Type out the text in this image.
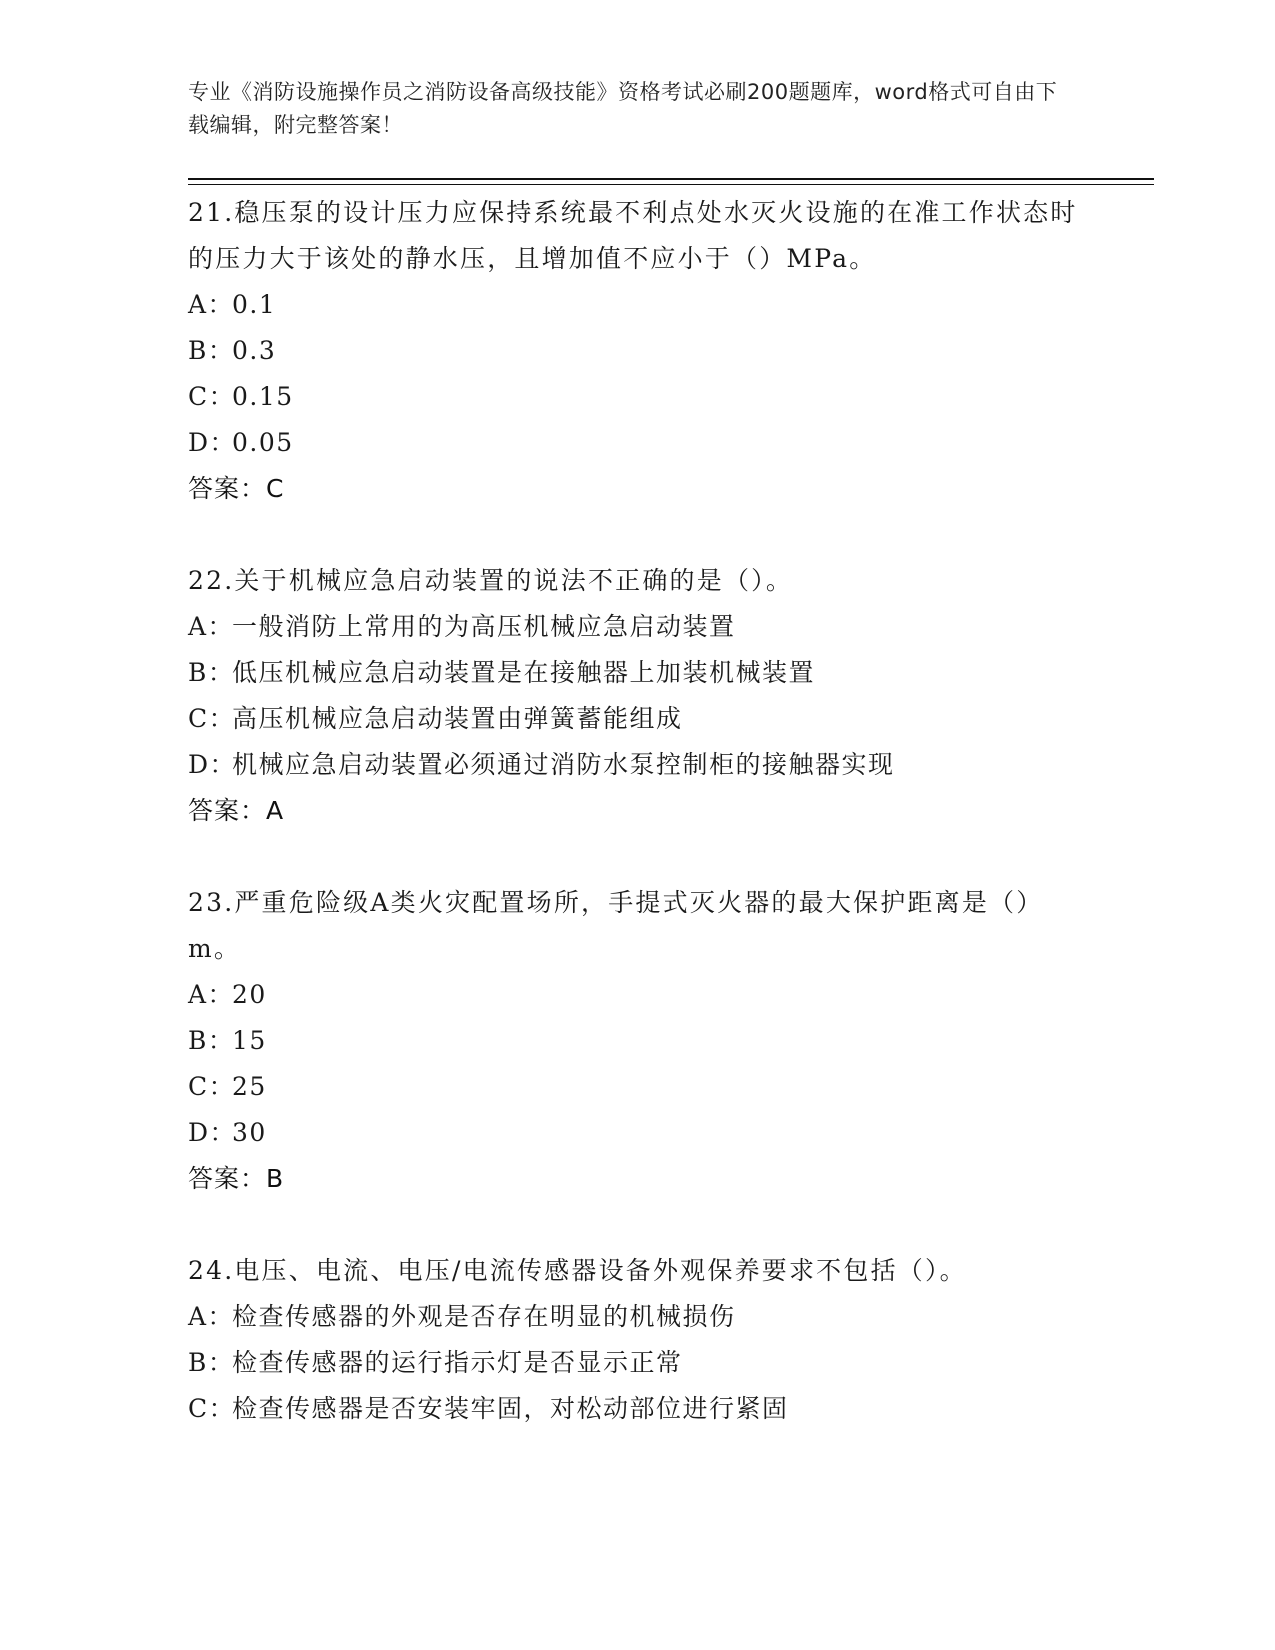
专业《消防设施操作员之消防设备高级技能》资格考试必刷200题题库，word格式可自由下载编辑，附完整答案！

21.稳压泵的设计压力应保持系统最不利点处水灭火设施的在准工作状态时的压力大于该处的静水压，且增加值不应小于（）MPa。

A：0.1
B：0.3
C：0.15
D：0.05
答案：C

22.关于机械应急启动装置的说法不正确的是（）。

A：一般消防上常用的为高压机械应急启动装置
B：低压机械应急启动装置是在接触器上加装机械装置
C：高压机械应急启动装置由弹簧蓄能组成
D：机械应急启动装置必须通过消防水泵控制柜的接触器实现
答案：A

23.严重危险级A类火灾配置场所，手提式灭火器的最大保护距离是（）m。

A：20
B：15
C：25
D：30
答案：B

24.电压、电流、电压/电流传感器设备外观保养要求不包括（）。

A：检查传感器的外观是否存在明显的机械损伤
B：检查传感器的运行指示灯是否显示正常
C：检查传感器是否安装牢固，对松动部位进行紧固
